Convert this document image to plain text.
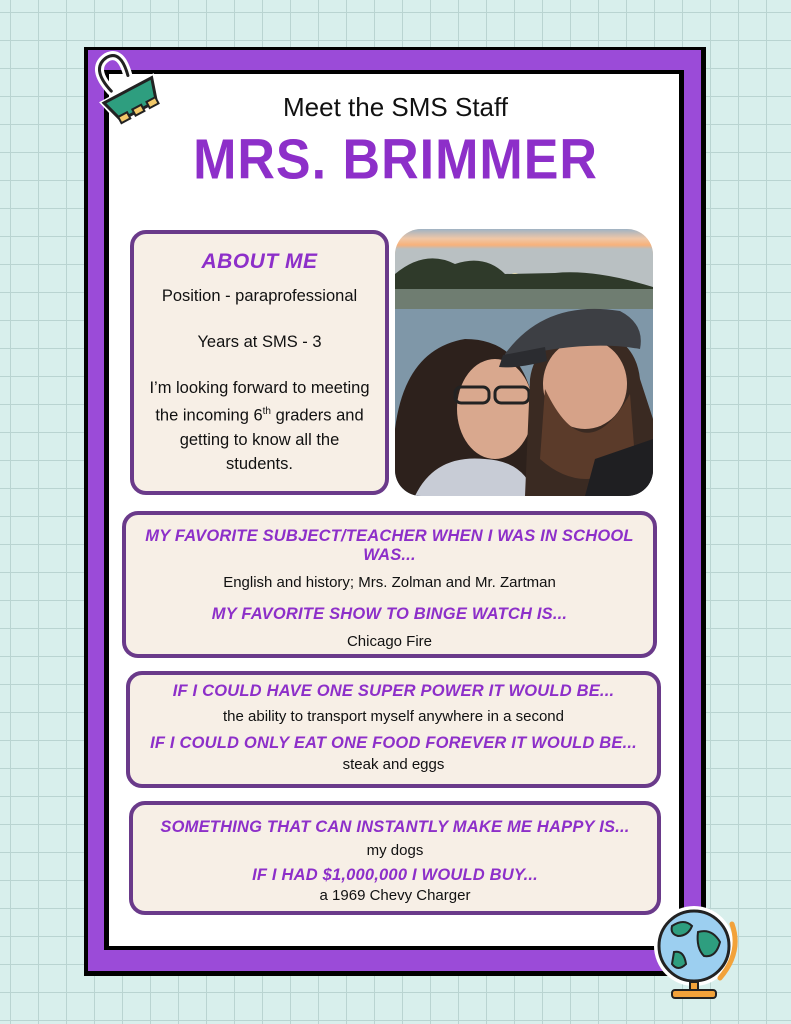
Meet the SMS Staff
MRS. BRIMMER
ABOUT ME

Position - paraprofessional

Years at SMS - 3

I’m looking forward to meeting the incoming 6th graders and getting to know all the students.

MY FAVORITE SUBJECT/TEACHER WHEN I WAS IN SCHOOL WAS...

English and history; Mrs. Zolman and Mr. Zartman

MY FAVORITE SHOW TO BINGE WATCH IS...

Chicago Fire

IF I COULD HAVE ONE SUPER POWER IT WOULD BE...

the ability to transport myself anywhere in a second

IF I COULD ONLY EAT ONE FOOD FOREVER IT WOULD BE...

steak and eggs

SOMETHING THAT CAN INSTANTLY MAKE ME HAPPY IS...

my dogs

IF I HAD $1,000,000 I WOULD BUY...

a 1969 Chevy Charger
